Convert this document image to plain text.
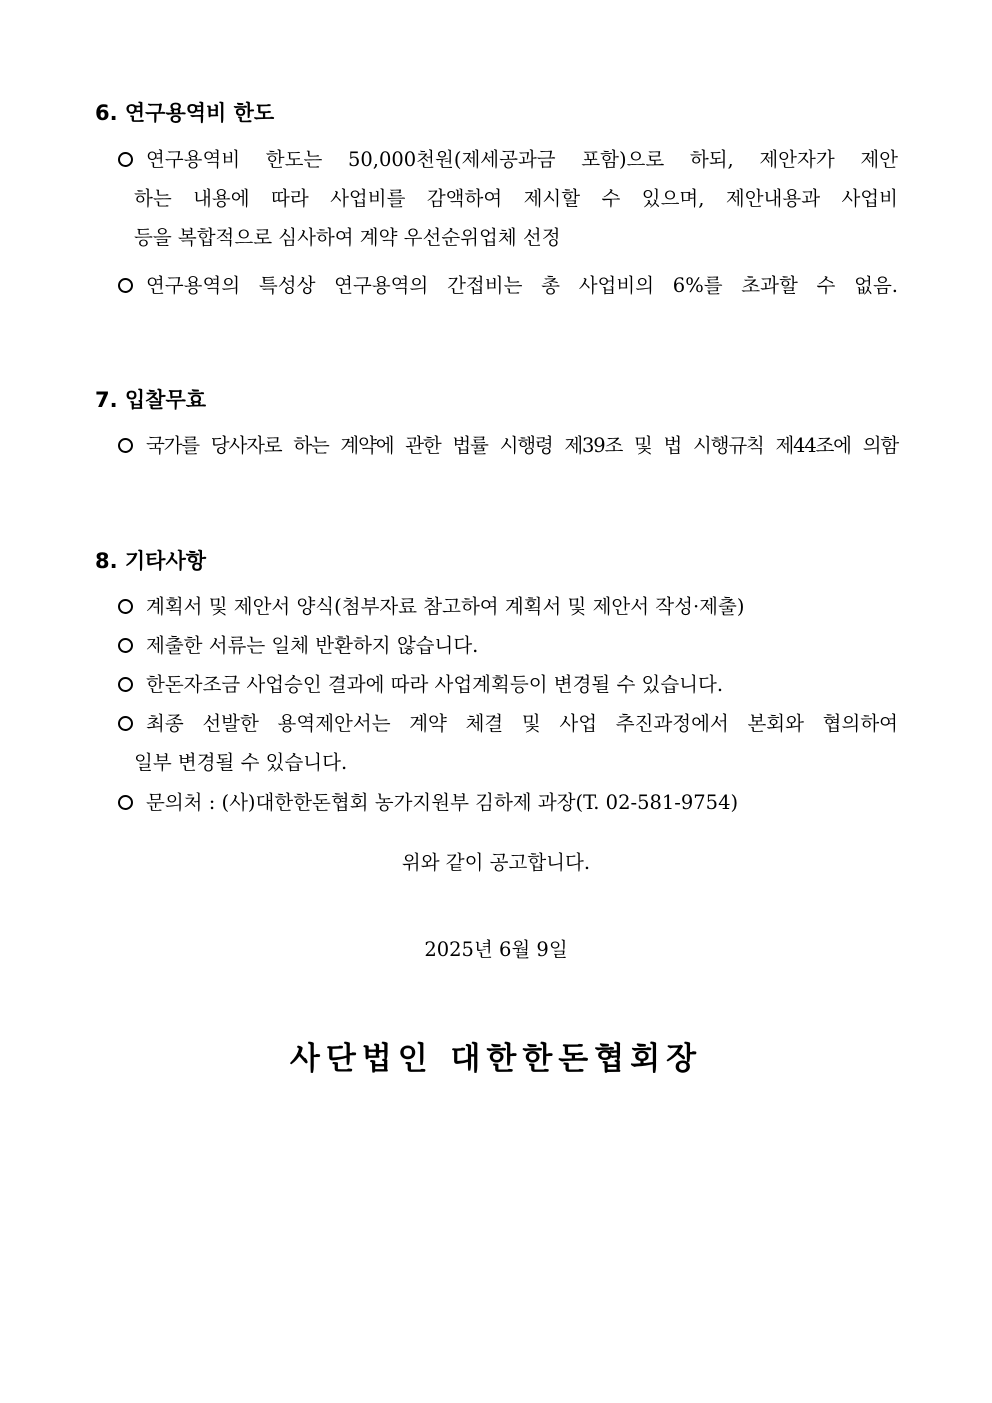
6. 연구용역비 한도
연구용역비 한도는 50,000천원(제세공과금 포함)으로 하되, 제안자가 제안
하는 내용에 따라 사업비를 감액하여 제시할 수 있으며, 제안내용과 사업비
등을 복합적으로 심사하여 계약 우선순위업체 선정
연구용역의 특성상 연구용역의 간접비는 총 사업비의 6%를 초과할 수 없음.
7. 입찰무효
국가를 당사자로 하는 계약에 관한 법률 시행령 제39조 및 법 시행규칙 제44조에 의함
8. 기타사항
계획서 및 제안서 양식(첨부자료 참고하여 계획서 및 제안서 작성·제출)
제출한 서류는 일체 반환하지 않습니다.
한돈자조금 사업승인 결과에 따라 사업계획등이 변경될 수 있습니다.
최종 선발한 용역제안서는 계약 체결 및 사업 추진과정에서 본회와 협의하여
일부 변경될 수 있습니다.
문의처 : (사)대한한돈협회 농가지원부 김하제 과장(T. 02-581-9754)
위와 같이 공고합니다.
2025년 6월 9일
사단법인 대한한돈협회장
